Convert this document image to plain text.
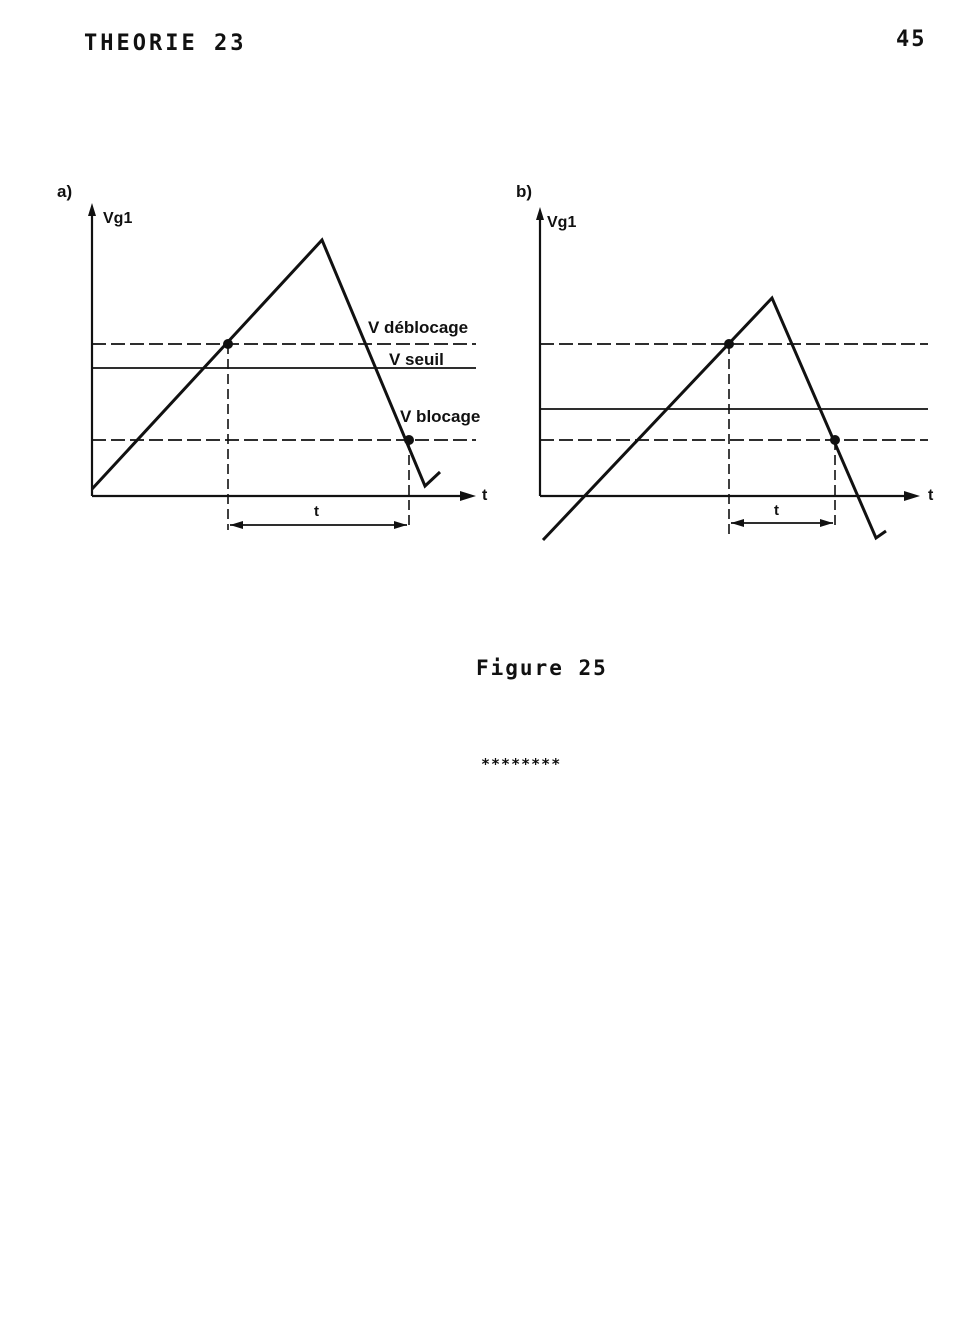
THEORIE 23	45
a)
Vg1
t
t
V déblocage
V seuil
V blocage
b)
Vg1
t
t
Figure 25
********
